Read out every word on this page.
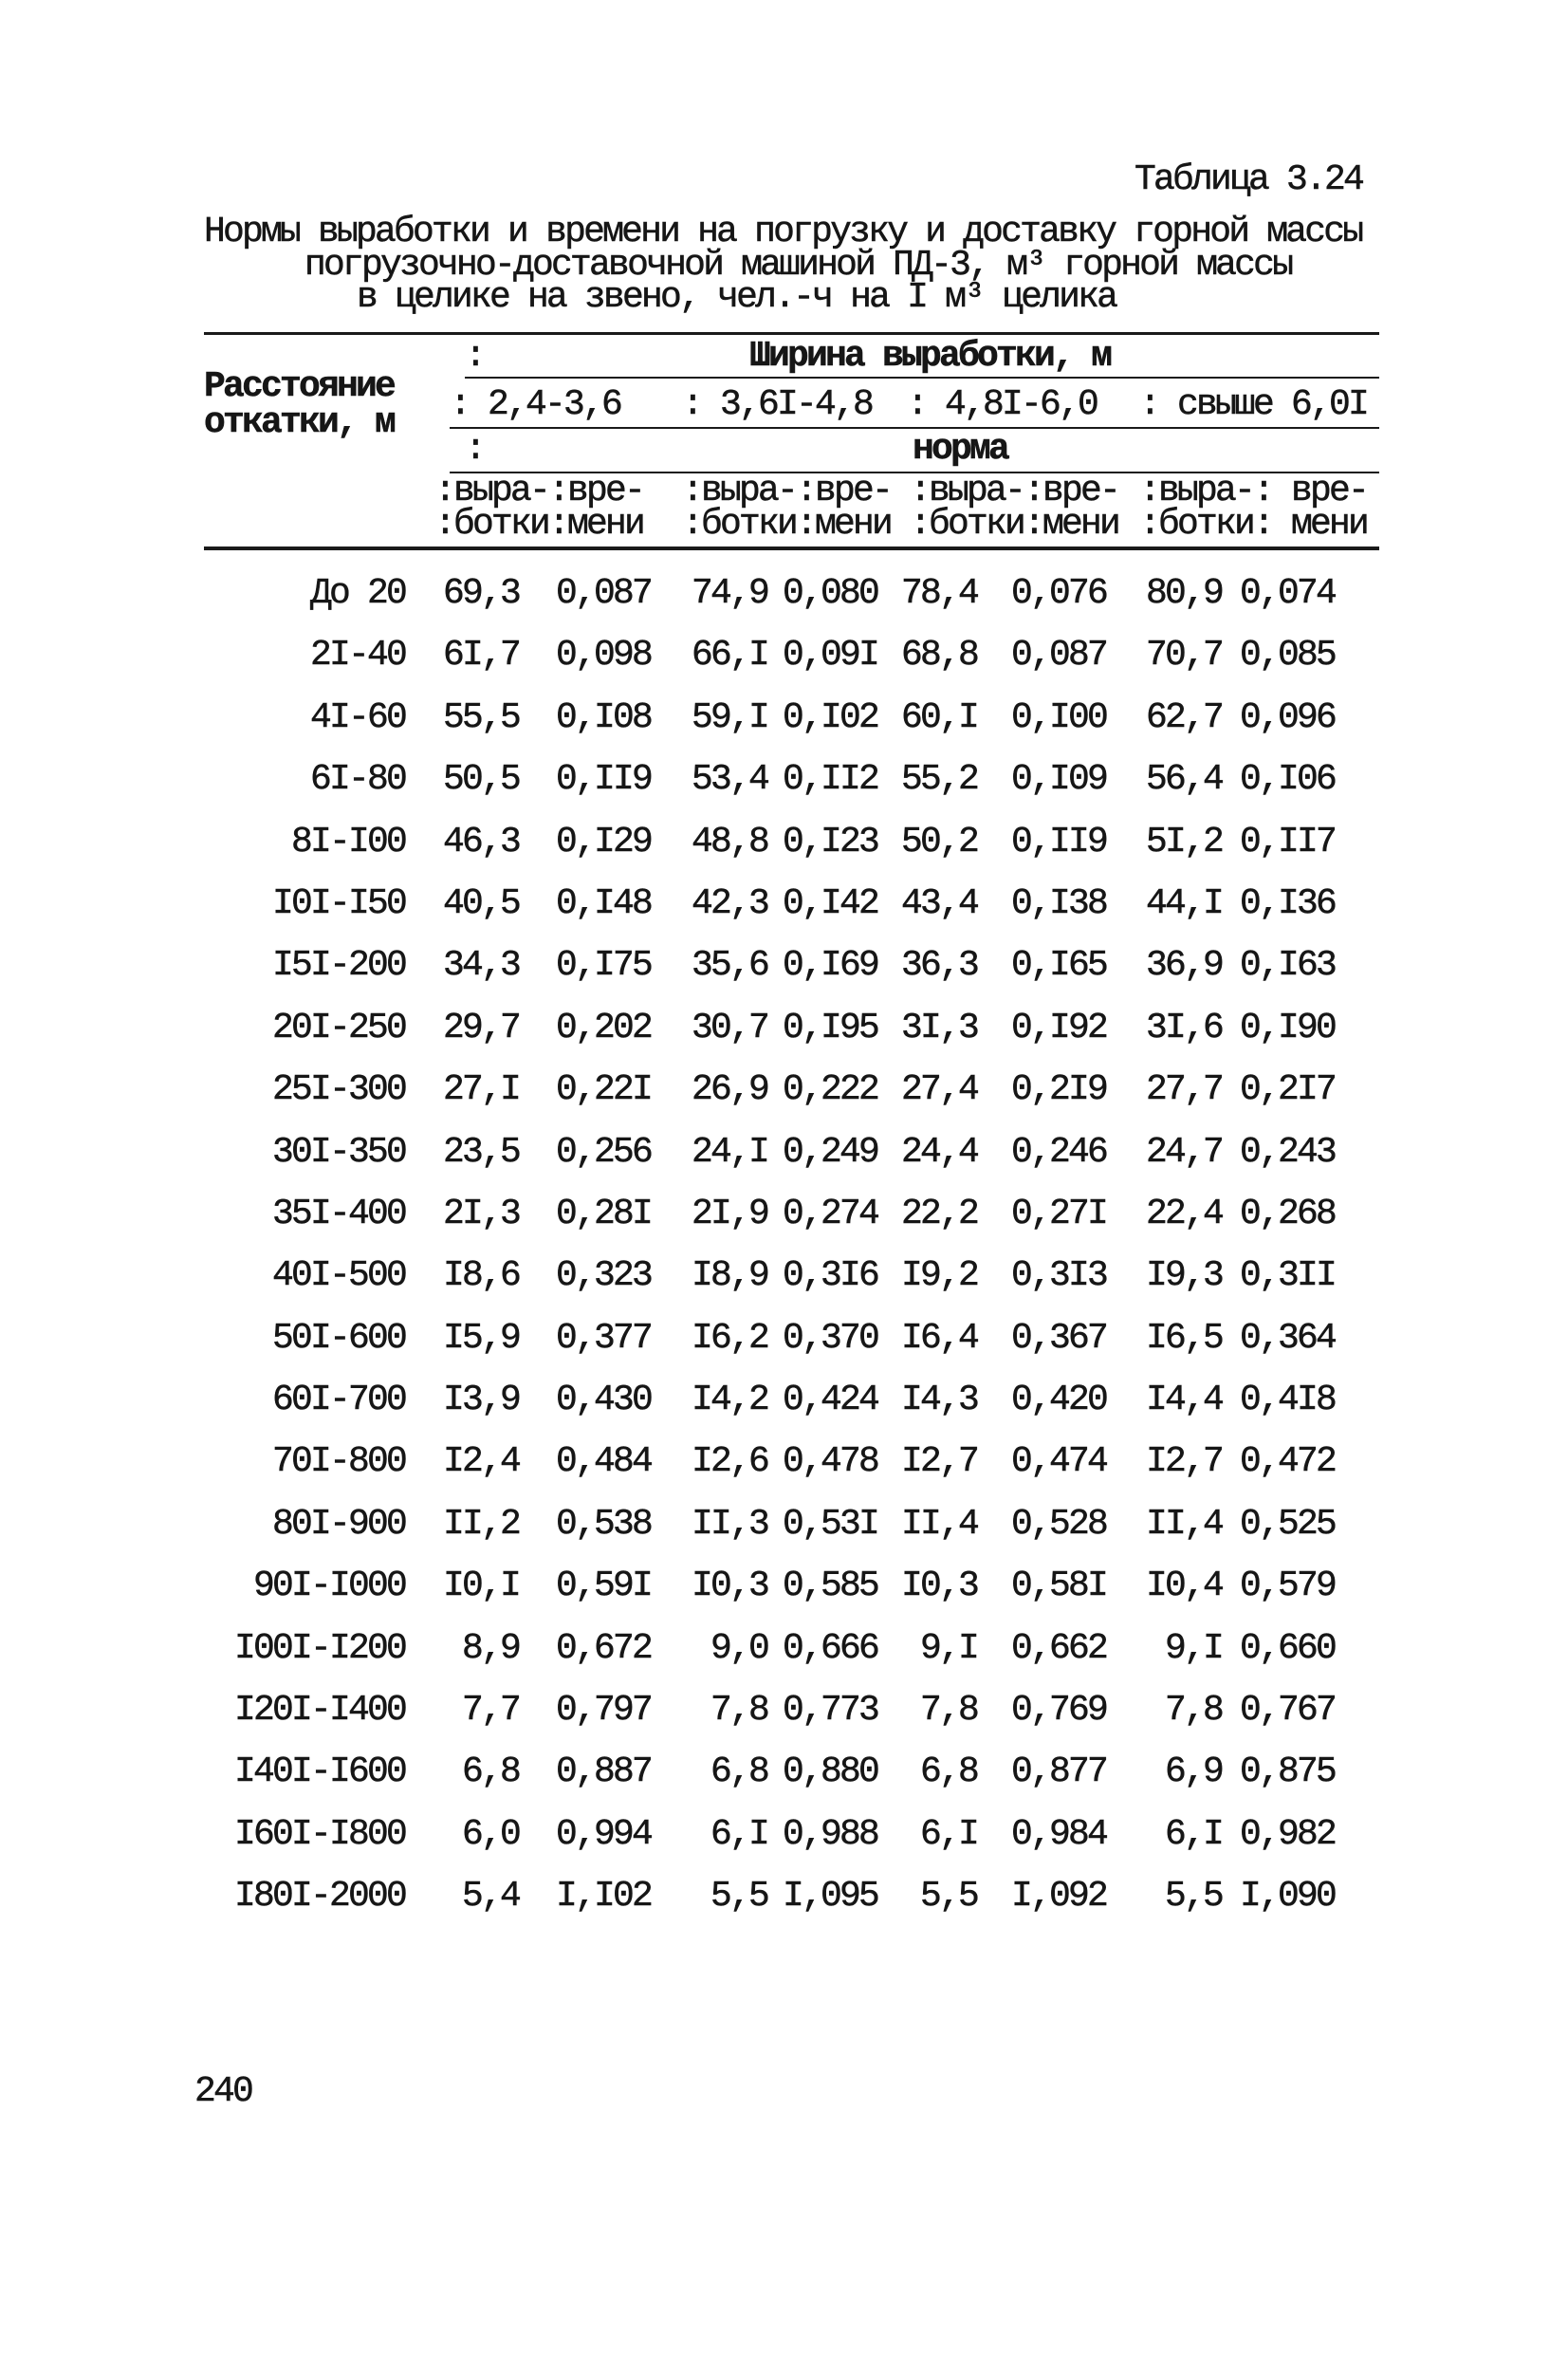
Таблица 3.24
Нормы выработки и времени на погрузку и доставку горной массы
погрузочно-доставочной машиной ПД-3, м³ горной массы
в целике на звено, чел.-ч на I м³ целика
:	Ширина выработки, м
Расстояние
откатки, м : 2,4-3,6 : 3,6I-4,8 : 4,8I-6,0 : свыше 6,0I
:	норма
:выра-:вре- :выра-:вре- :выра-:вре- :выра-: вре-
:ботки:мени :ботки:мени :ботки:мени :ботки: мени
До 20 69,3 0,087 74,9 0,080 78,4 0,076 80,9 0,074
2I-40 6I,7 0,098 66,I 0,09I 68,8 0,087 70,7 0,085
4I-60 55,5 0,I08 59,I 0,I02 60,I 0,I00 62,7 0,096
6I-80 50,5 0,II9 53,4 0,II2 55,2 0,I09 56,4 0,I06
8I-I00 46,3 0,I29 48,8 0,I23 50,2 0,II9 5I,2 0,II7
I0I-I50 40,5 0,I48 42,3 0,I42 43,4 0,I38 44,I 0,I36
I5I-200 34,3 0,I75 35,6 0,I69 36,3 0,I65 36,9 0,I63
20I-250 29,7 0,202 30,7 0,I95 3I,3 0,I92 3I,6 0,I90
25I-300 27,I 0,22I 26,9 0,222 27,4 0,2I9 27,7 0,2I7
30I-350 23,5 0,256 24,I 0,249 24,4 0,246 24,7 0,243
35I-400 2I,3 0,28I 2I,9 0,274 22,2 0,27I 22,4 0,268
40I-500 I8,6 0,323 I8,9 0,3I6 I9,2 0,3I3 I9,3 0,3II
50I-600 I5,9 0,377 I6,2 0,370 I6,4 0,367 I6,5 0,364
60I-700 I3,9 0,430 I4,2 0,424 I4,3 0,420 I4,4 0,4I8
70I-800 I2,4 0,484 I2,6 0,478 I2,7 0,474 I2,7 0,472
80I-900 II,2 0,538 II,3 0,53I II,4 0,528 II,4 0,525
90I-I000 I0,I 0,59I I0,3 0,585 I0,3 0,58I I0,4 0,579
I00I-I200 8,9 0,672 9,0 0,666 9,I 0,662 9,I 0,660
I20I-I400 7,7 0,797 7,8 0,773 7,8 0,769 7,8 0,767
I40I-I600 6,8 0,887 6,8 0,880 6,8 0,877 6,9 0,875
I60I-I800 6,0 0,994 6,I 0,988 6,I 0,984 6,I 0,982
I80I-2000 5,4 I,I02 5,5 I,095 5,5 I,092 5,5 I,090
240
